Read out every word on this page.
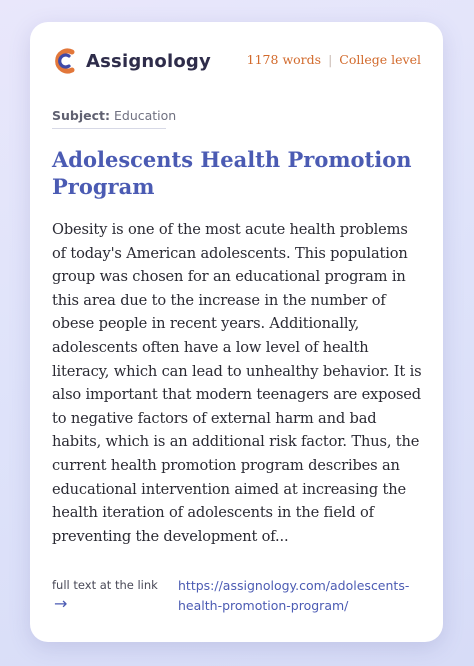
Assignology	1178 words | College level
Subject: Education
Adolescents Health Promotion Program

Obesity is one of the most acute health problems of today's American adolescents. This population group was chosen for an educational program in this area due to the increase in the number of obese people in recent years. Additionally, adolescents often have a low level of health literacy, which can lead to unhealthy behavior. It is also important that modern teenagers are exposed to negative factors of external harm and bad habits, which is an additional risk factor. Thus, the current health promotion program describes an educational intervention aimed at increasing the health iteration of adolescents in the field of preventing the development of...

full text at the link
→
https://assignology.com/adolescents-health-promotion-program/
